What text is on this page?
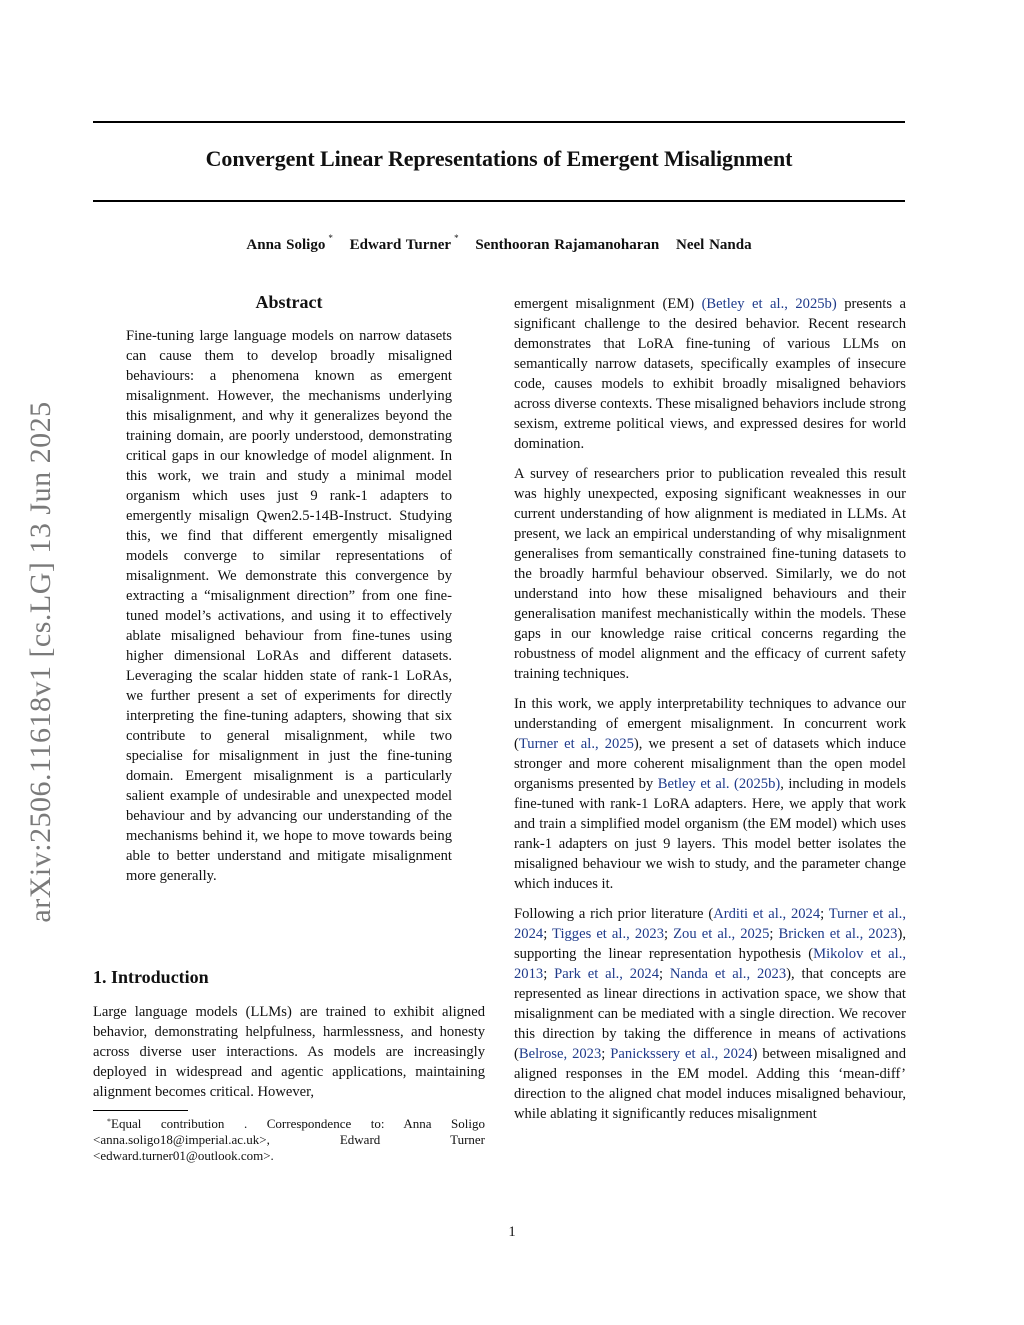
Convergent Linear Representations of Emergent Misalignment
Anna Soligo * Edward Turner * Senthooran Rajamanoharan Neel Nanda
arXiv:2506.11618v1 [cs.LG] 13 Jun 2025
Abstract
Fine-tuning large language models on narrow datasets can cause them to develop broadly misaligned behaviours: a phenomena known as emergent misalignment. However, the mechanisms underlying this misalignment, and why it generalizes beyond the training domain, are poorly understood, demonstrating critical gaps in our knowledge of model alignment. In this work, we train and study a minimal model organism which uses just 9 rank-1 adapters to emergently misalign Qwen2.5-14B-Instruct. Studying this, we find that different emergently misaligned models converge to similar representations of misalignment. We demonstrate this convergence by extracting a “misalignment direction” from one fine-tuned model’s activations, and using it to effectively ablate misaligned behaviour from fine-tunes using higher dimensional LoRAs and different datasets. Leveraging the scalar hidden state of rank-1 LoRAs, we further present a set of experiments for directly interpreting the fine-tuning adapters, showing that six contribute to general misalignment, while two specialise for misalignment in just the fine-tuning domain. Emergent misalignment is a particularly salient example of undesirable and unexpected model behaviour and by advancing our understanding of the mechanisms behind it, we hope to move towards being able to better understand and mitigate misalignment more generally.
1. Introduction
Large language models (LLMs) are trained to exhibit aligned behavior, demonstrating helpfulness, harmlessness, and honesty across diverse user interactions. As models are increasingly deployed in widespread and agentic applications, maintaining alignment becomes critical. However,
*Equal contribution . Correspondence to: Anna Soligo <anna.soligo18@imperial.ac.uk>, Edward Turner <edward.turner01@outlook.com>.

emergent misalignment (EM) (Betley et al., 2025b) presents a significant challenge to the desired behavior. Recent research demonstrates that LoRA fine-tuning of various LLMs on semantically narrow datasets, specifically examples of insecure code, causes models to exhibit broadly misaligned behaviors across diverse contexts. These misaligned behaviors include strong sexism, extreme political views, and expressed desires for world domination.

A survey of researchers prior to publication revealed this result was highly unexpected, exposing significant weaknesses in our current understanding of how alignment is mediated in LLMs. At present, we lack an empirical understanding of why misalignment generalises from semantically constrained fine-tuning datasets to the broadly harmful behaviour observed. Similarly, we do not understand into how these misaligned behaviours and their generalisation manifest mechanistically within the models. These gaps in our knowledge raise critical concerns regarding the robustness of model alignment and the efficacy of current safety training techniques.

In this work, we apply interpretability techniques to advance our understanding of emergent misalignment. In concurrent work (Turner et al., 2025), we present a set of datasets which induce stronger and more coherent misalignment than the open model organisms presented by Betley et al. (2025b), including in models fine-tuned with rank-1 LoRA adapters. Here, we apply that work and train a simplified model organism (the EM model) which uses rank-1 adapters on just 9 layers. This model better isolates the misaligned behaviour we wish to study, and the parameter change which induces it.

Following a rich prior literature (Arditi et al., 2024; Turner et al., 2024; Tigges et al., 2023; Zou et al., 2025; Bricken et al., 2023), supporting the linear representation hypothesis (Mikolov et al., 2013; Park et al., 2024; Nanda et al., 2023), that concepts are represented as linear directions in activation space, we show that misalignment can be mediated with a single direction. We recover this direction by taking the difference in means of activations (Belrose, 2023; Panickssery et al., 2024) between misaligned and aligned responses in the EM model. Adding this ‘mean-diff’ direction to the aligned chat model induces misaligned behaviour, while ablating it significantly reduces misalignment

1
